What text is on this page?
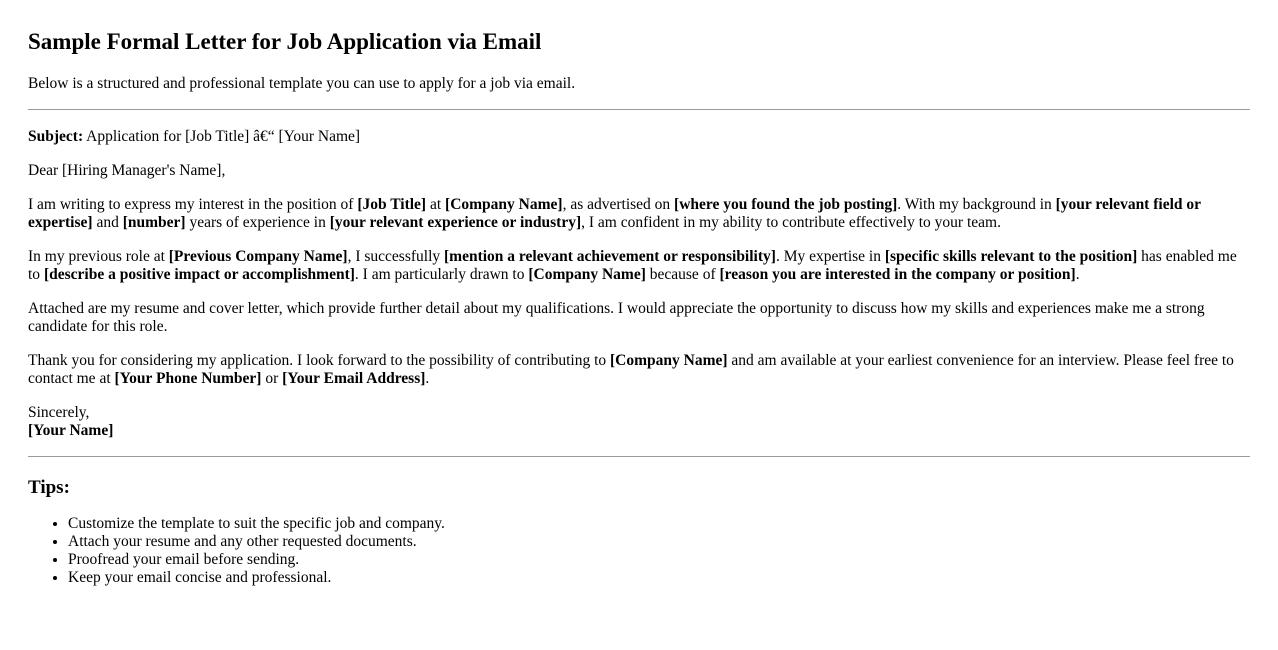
Sample Formal Letter for Job Application via Email

Below is a structured and professional template you can use to apply for a job via email.

Subject: Application for [Job Title] â€“ [Your Name]

Dear [Hiring Manager's Name],

I am writing to express my interest in the position of [Job Title] at [Company Name], as advertised on [where you found the job posting]. With my background in [your relevant field or expertise] and [number] years of experience in [your relevant experience or industry], I am confident in my ability to contribute effectively to your team.

In my previous role at [Previous Company Name], I successfully [mention a relevant achievement or responsibility]. My expertise in [specific skills relevant to the position] has enabled me to [describe a positive impact or accomplishment]. I am particularly drawn to [Company Name] because of [reason you are interested in the company or position].

Attached are my resume and cover letter, which provide further detail about my qualifications. I would appreciate the opportunity to discuss how my skills and experiences make me a strong candidate for this role.

Thank you for considering my application. I look forward to the possibility of contributing to [Company Name] and am available at your earliest convenience for an interview. Please feel free to contact me at [Your Phone Number] or [Your Email Address].

Sincerely,
[Your Name]

Tips:
• Customize the template to suit the specific job and company.
• Attach your resume and any other requested documents.
• Proofread your email before sending.
• Keep your email concise and professional.
